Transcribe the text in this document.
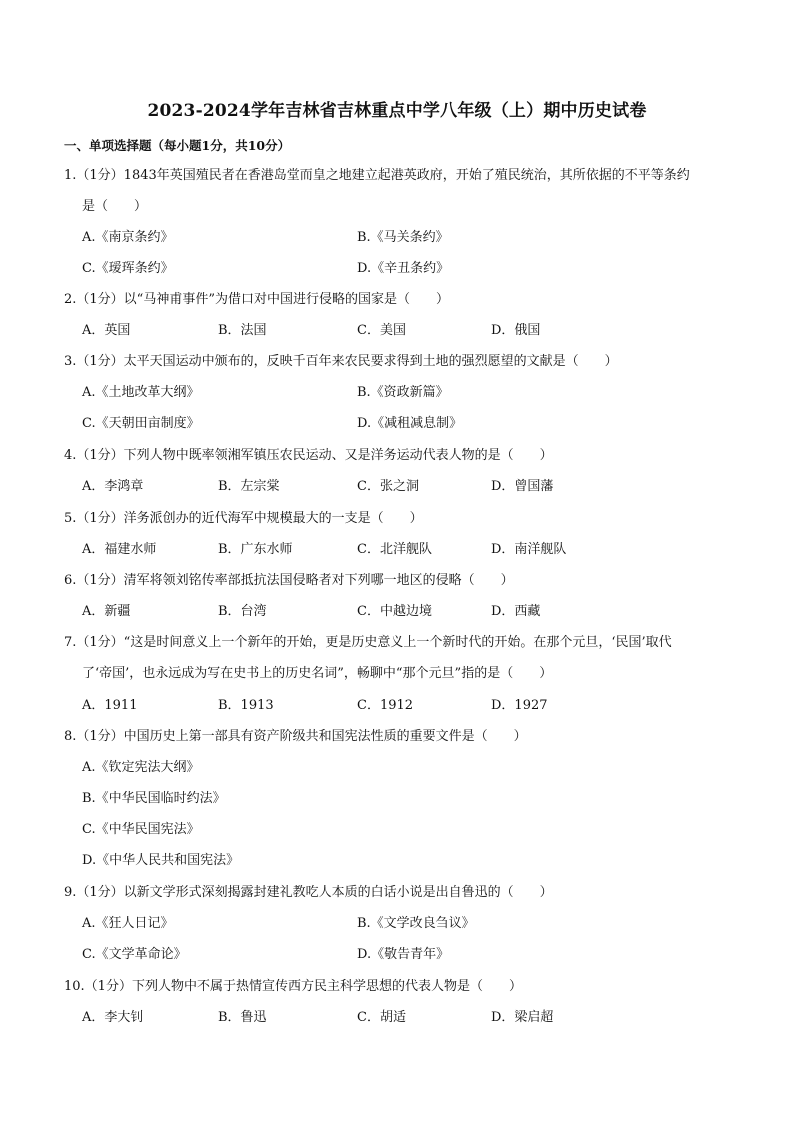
2023-2024学年吉林省吉林重点中学八年级（上）期中历史试卷
一、单项选择题（每小题1分，共10分）
1.（1分）1843年英国殖民者在香港岛堂而皇之地建立起港英政府，开始了殖民统治，其所依据的不平等条约
是（　　）
A.《南京条约》	B.《马关条约》
C.《瑷珲条约》	D.《辛丑条约》
2.（1分）以“马神甫事件”为借口对中国进行侵略的国家是（　　）
A．英国	B．法国	C．美国	D．俄国
3.（1分）太平天国运动中颁布的，反映千百年来农民要求得到土地的强烈愿望的文献是（　　）
A.《土地改革大纲》	B.《资政新篇》
C.《天朝田亩制度》	D.《减租减息制》
4.（1分）下列人物中既率领湘军镇压农民运动、又是洋务运动代表人物的是（　　）
A．李鸿章	B．左宗棠	C．张之洞	D．曾国藩
5.（1分）洋务派创办的近代海军中规模最大的一支是（　　）
A．福建水师	B．广东水师	C．北洋舰队	D．南洋舰队
6.（1分）清军将领刘铭传率部抵抗法国侵略者对下列哪一地区的侵略（　　）
A．新疆	B．台湾	C．中越边境	D．西藏
7.（1分）“这是时间意义上一个新年的开始，更是历史意义上一个新时代的开始。在那个元旦，‘民国’取代
了‘帝国’，也永远成为写在史书上的历史名词”，畅聊中“那个元旦”指的是（　　）
A．1911	B．1913	C．1912	D．1927
8.（1分）中国历史上第一部具有资产阶级共和国宪法性质的重要文件是（　　）
A.《钦定宪法大纲》
B.《中华民国临时约法》
C.《中华民国宪法》
D.《中华人民共和国宪法》
9.（1分）以新文学形式深刻揭露封建礼教吃人本质的白话小说是出自鲁迅的（　　）
A.《狂人日记》	B.《文学改良刍议》
C.《文学革命论》	D.《敬告青年》
10.（1分）下列人物中不属于热情宣传西方民主科学思想的代表人物是（　　）
A．李大钊	B．鲁迅	C．胡适	D．梁启超
